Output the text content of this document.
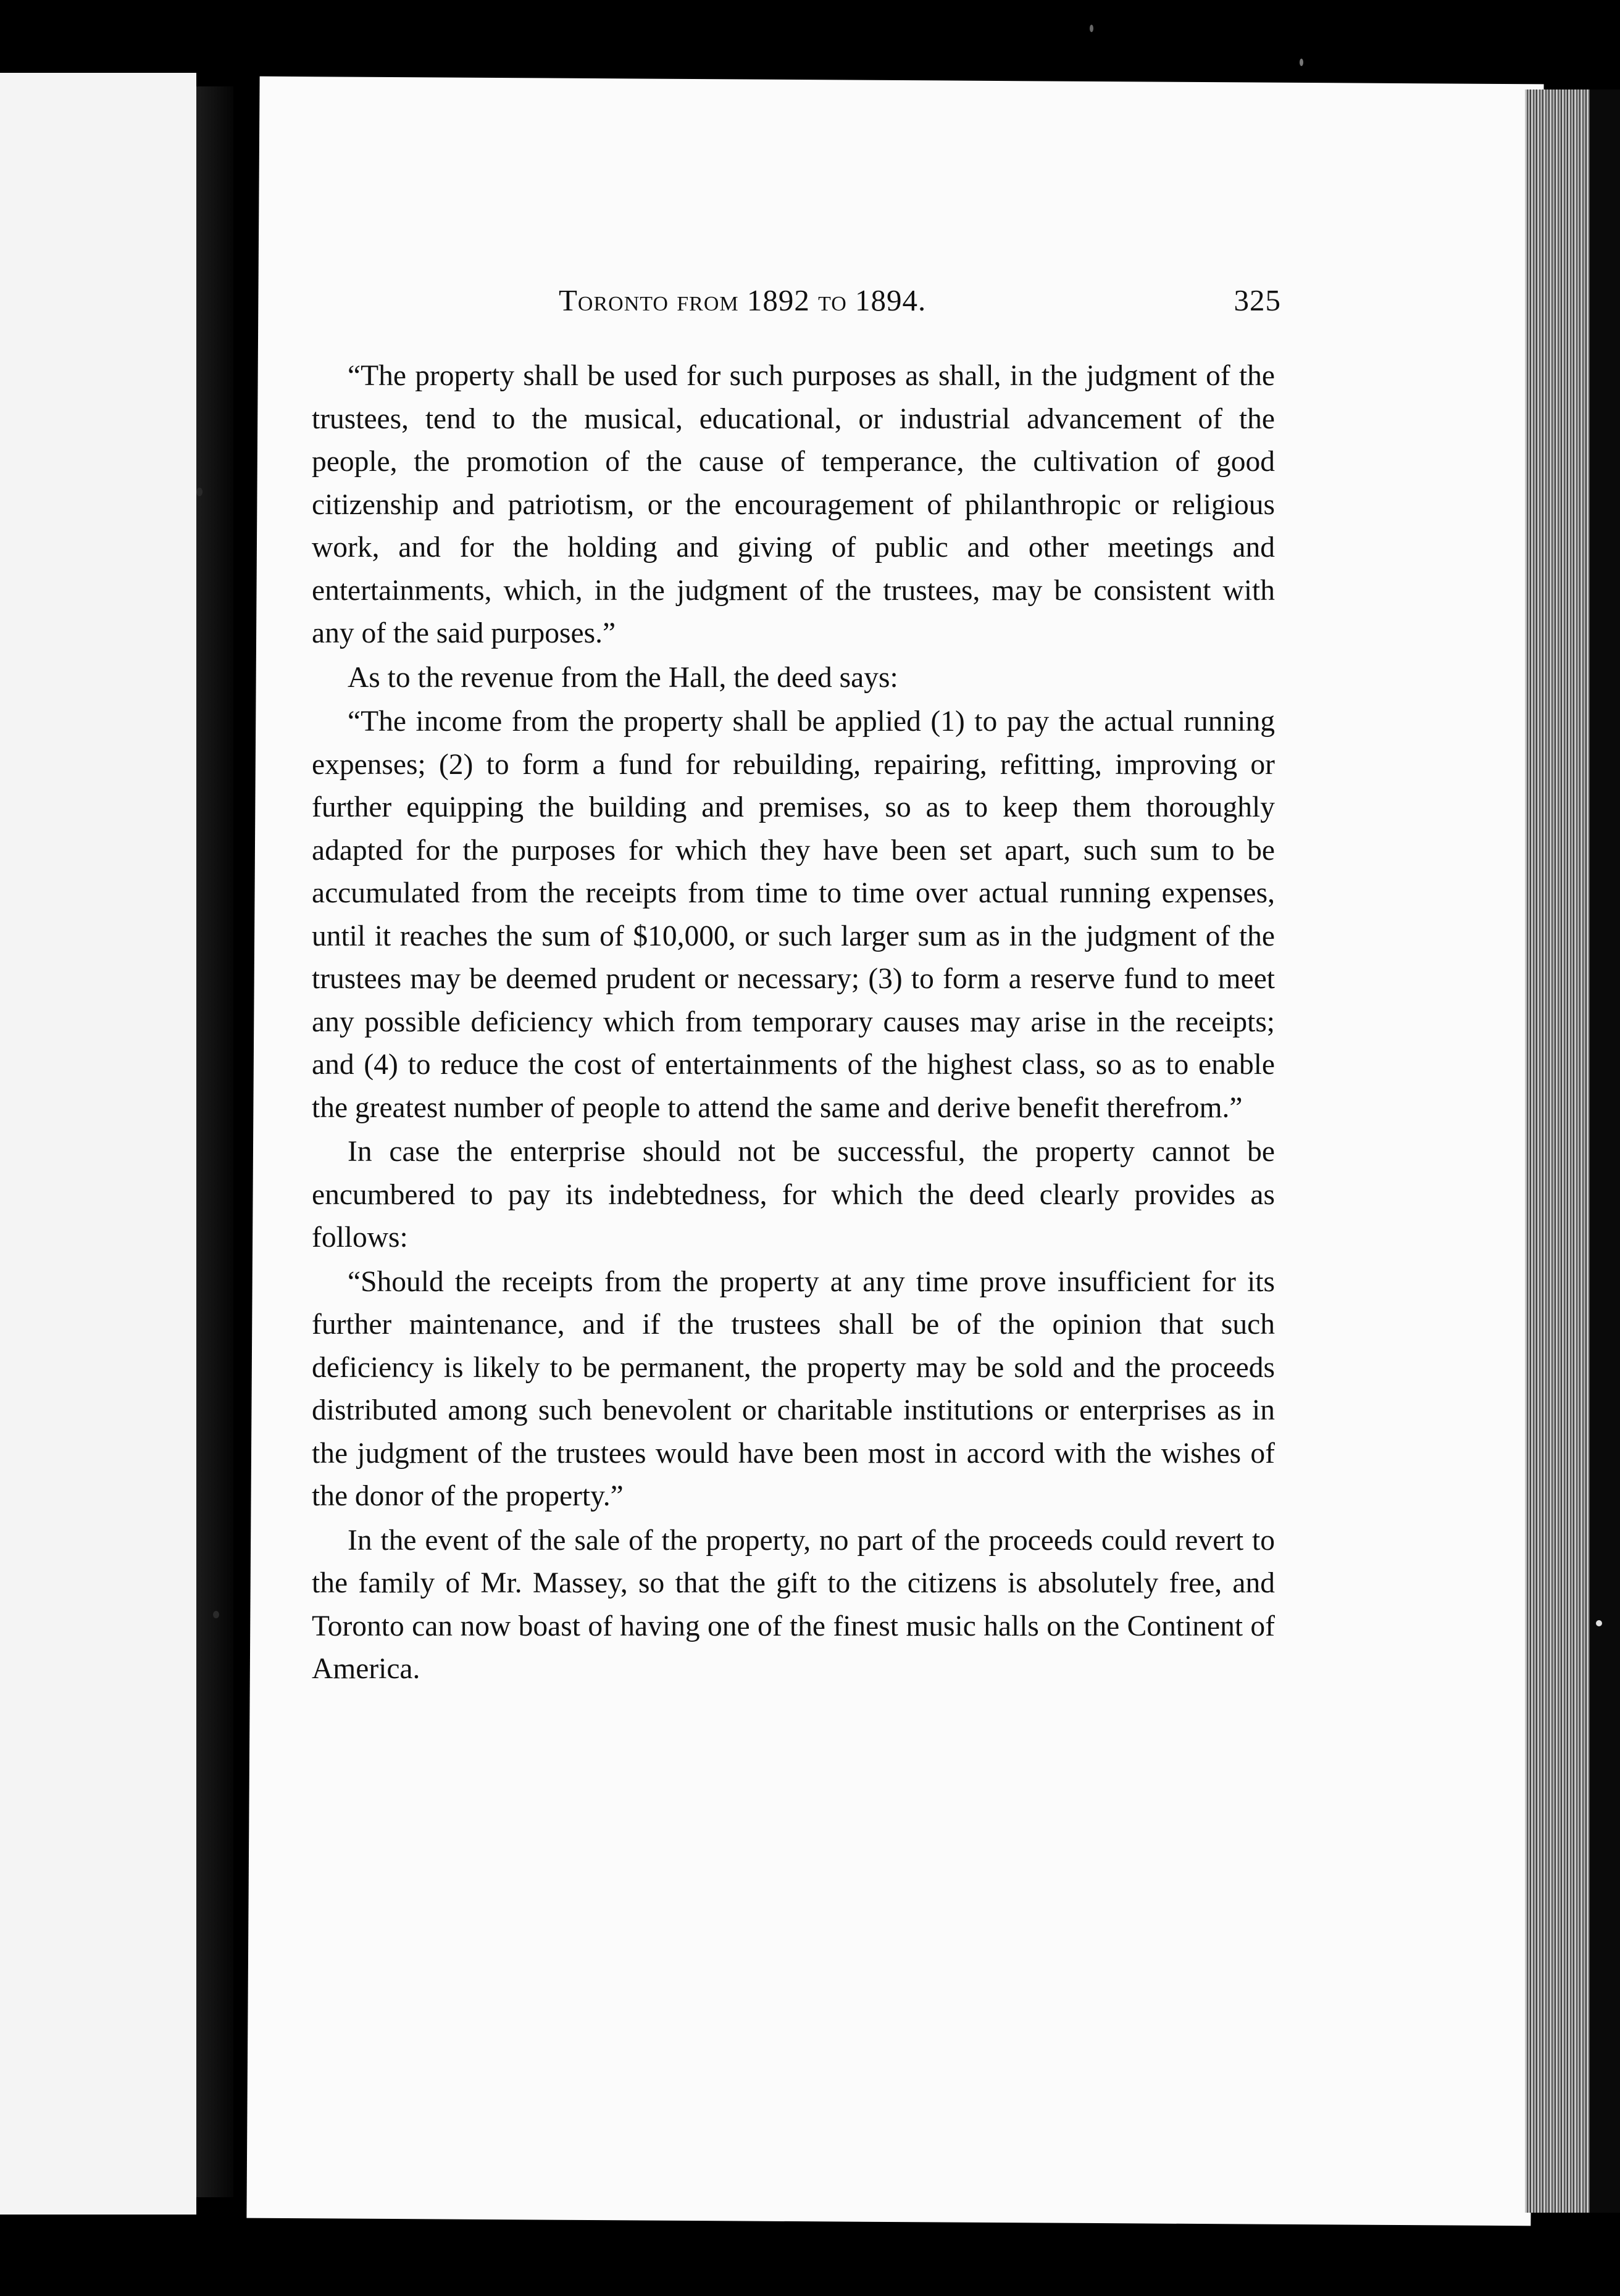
Toronto from 1892 to 1894.	325

“The property shall be used for such purposes as shall, in the judgment of the trustees, tend to the musical, educational, or industrial advancement of the people, the promotion of the cause of temperance, the cultivation of good citizenship and patriotism, or the encouragement of philanthropic or religious work, and for the holding and giving of public and other meetings and entertainments, which, in the judgment of the trustees, may be consistent with any of the said purposes.”

As to the revenue from the Hall, the deed says:

“The income from the property shall be applied (1) to pay the actual running expenses; (2) to form a fund for rebuilding, repairing, refitting, improving or further equipping the building and premises, so as to keep them thoroughly adapted for the purposes for which they have been set apart, such sum to be accumulated from the receipts from time to time over actual running expenses, until it reaches the sum of $10,000, or such larger sum as in the judgment of the trustees may be deemed prudent or necessary; (3) to form a reserve fund to meet any possible deficiency which from temporary causes may arise in the receipts; and (4) to reduce the cost of entertainments of the highest class, so as to enable the greatest number of people to attend the same and derive benefit therefrom.”

In case the enterprise should not be successful, the property cannot be encumbered to pay its indebtedness, for which the deed clearly provides as follows:

“Should the receipts from the property at any time prove insufficient for its further maintenance, and if the trustees shall be of the opinion that such deficiency is likely to be permanent, the property may be sold and the proceeds distributed among such benevolent or charitable institutions or enterprises as in the judgment of the trustees would have been most in accord with the wishes of the donor of the property.”

In the event of the sale of the property, no part of the proceeds could revert to the family of Mr. Massey, so that the gift to the citizens is absolutely free, and Toronto can now boast of having one of the finest music halls on the Continent of America.
